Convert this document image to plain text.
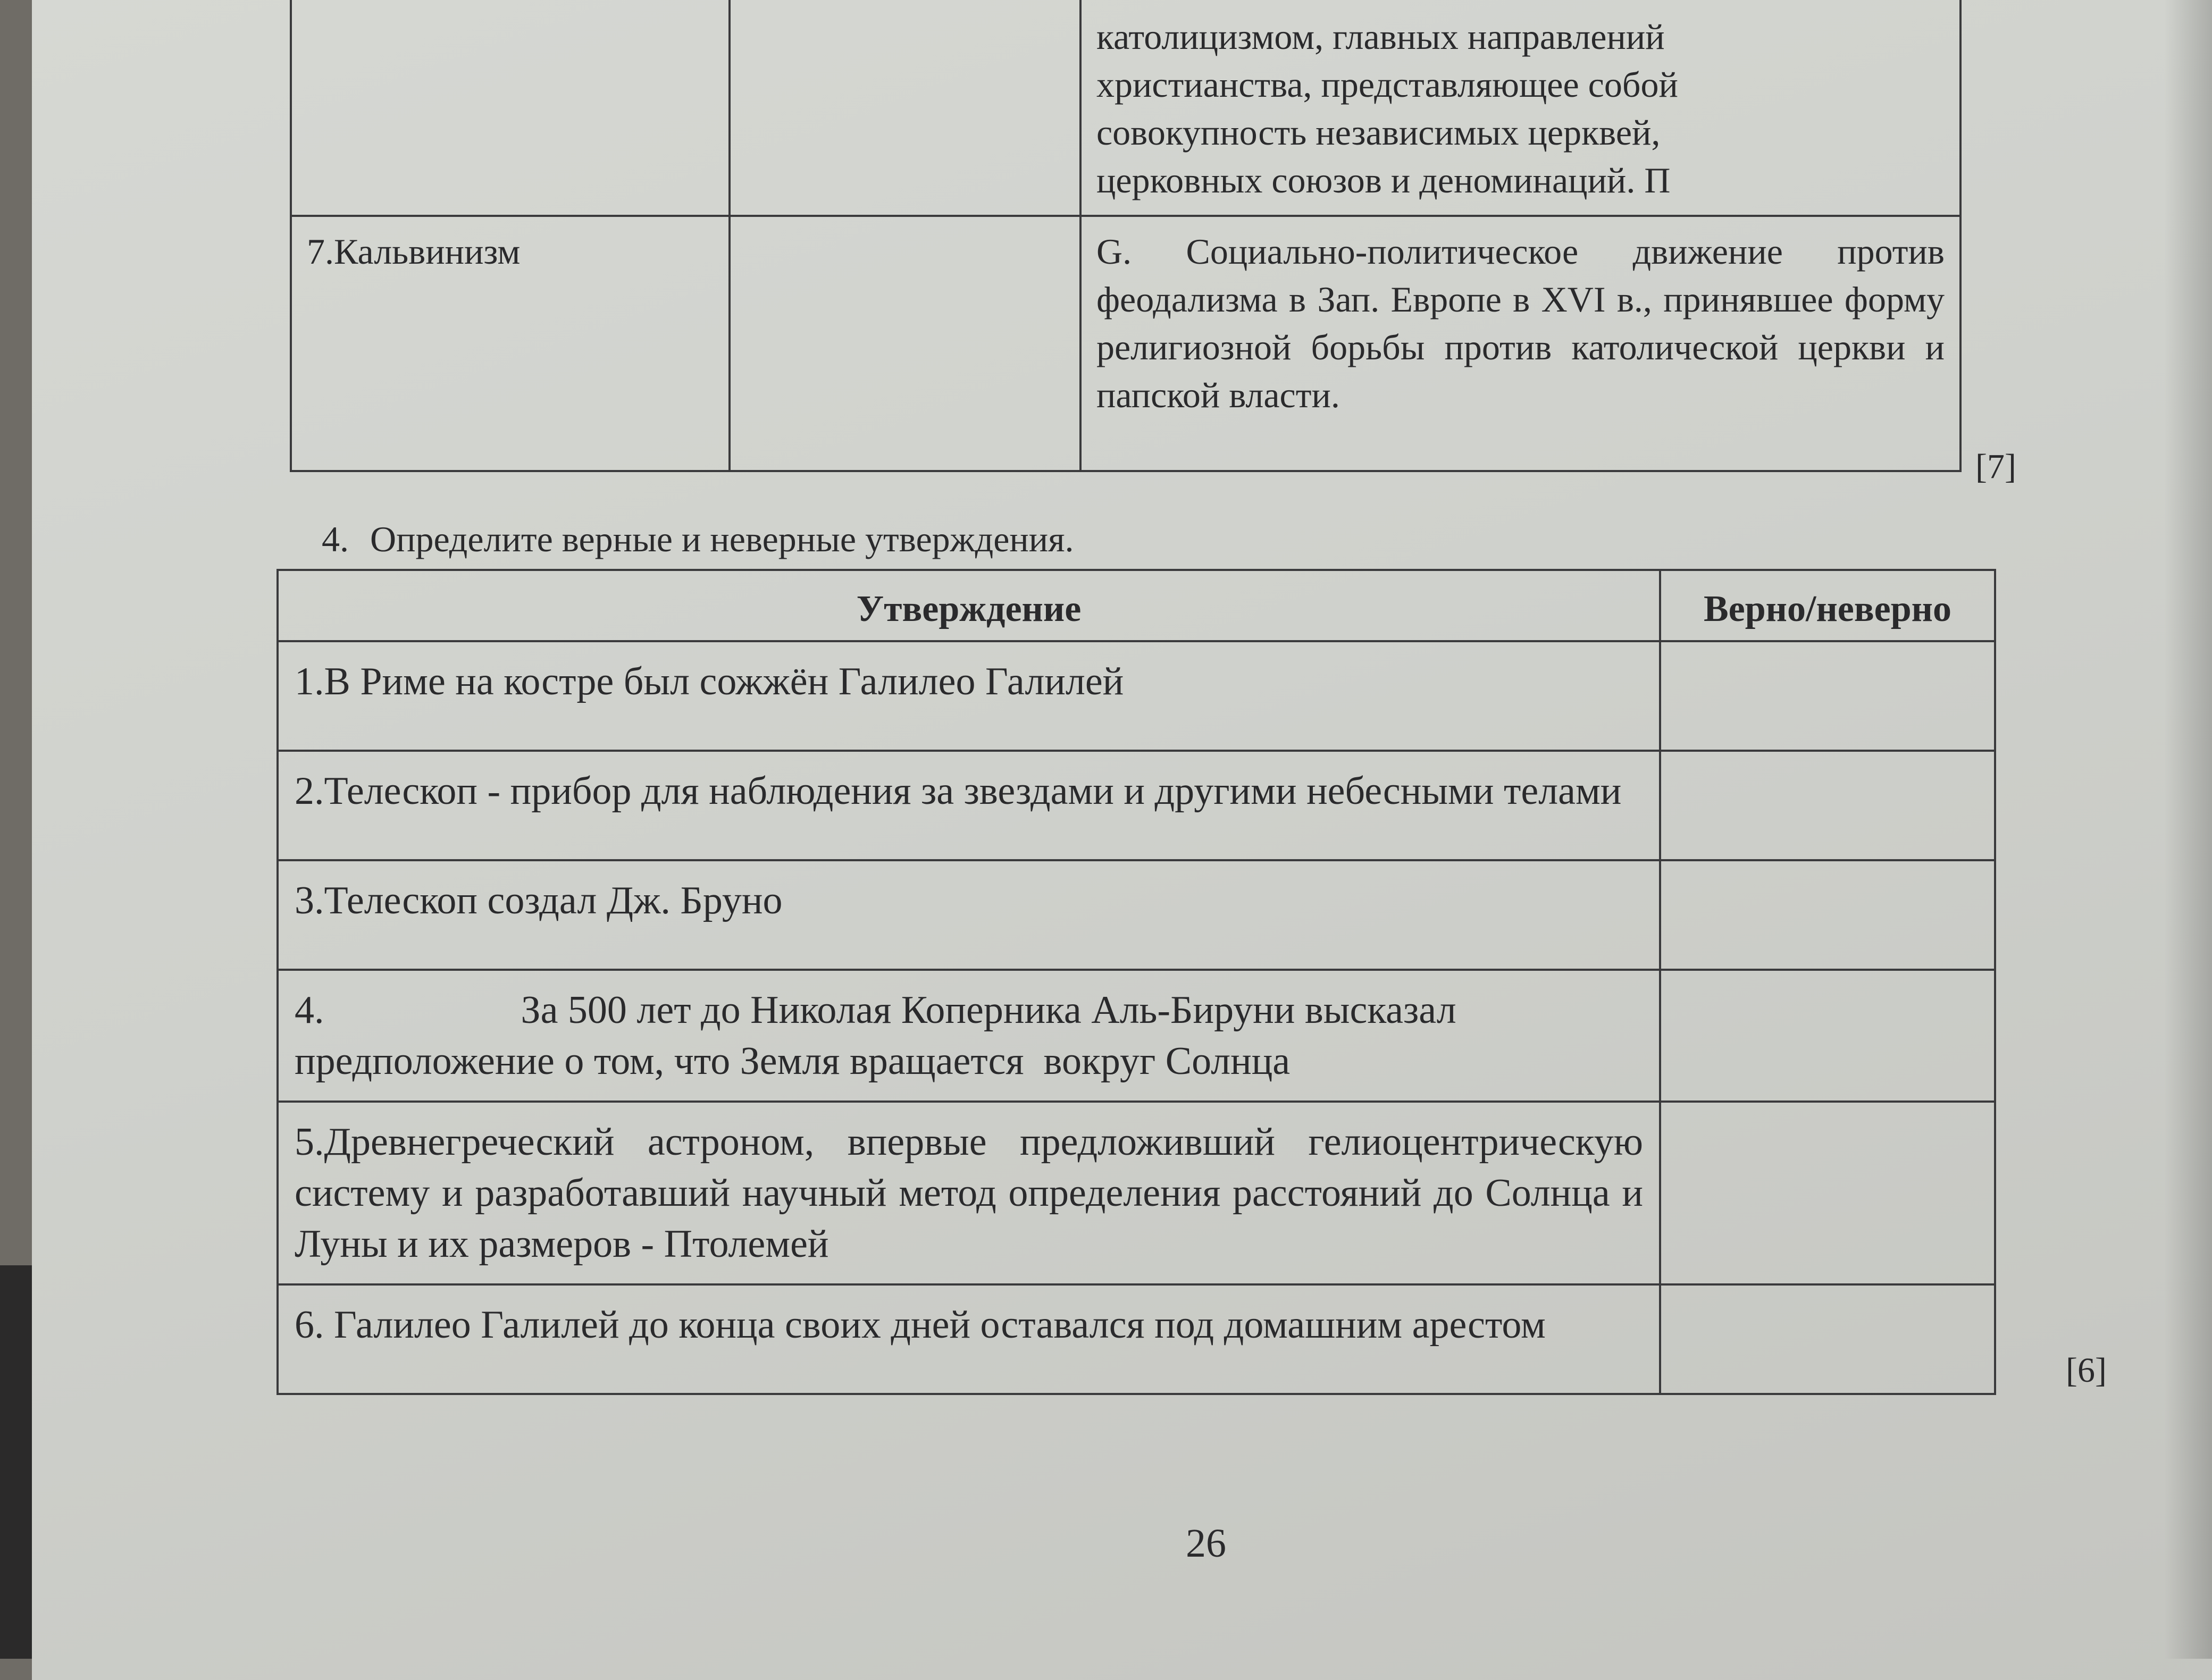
		католицизмом, главных направлений
христианства, представляющее собой
совокупность независимых церквей,
церковных союзов и деноминаций. П

7.Кальвинизм		G. Социально-политическое движение против феодализма в Зап. Европе в XVI в., принявшее форму религиозной борьбы против католической церкви и папской власти.
[7]
4. Определите верные и неверные утверждения.
Утверждение	Верно/неверно
1.В Риме на костре был сожжён Галилео Галилей	
2.Телескоп - прибор для наблюдения за звездами и другими небесными телами	
3.Телескоп создал Дж. Бруно	
4.                    За 500 лет до Николая Коперника Аль-Бируни высказал предположение о том, что Земля вращается  вокруг Солнца	
5.Древнегреческий астроном, впервые предложивший гелиоцентрическую систему и разработавший научный метод определения расстояний до Солнца и Луны и их размеров - Птолемей	
6. Галилео Галилей до конца своих дней оставался под домашним арестом	
[6]
26
